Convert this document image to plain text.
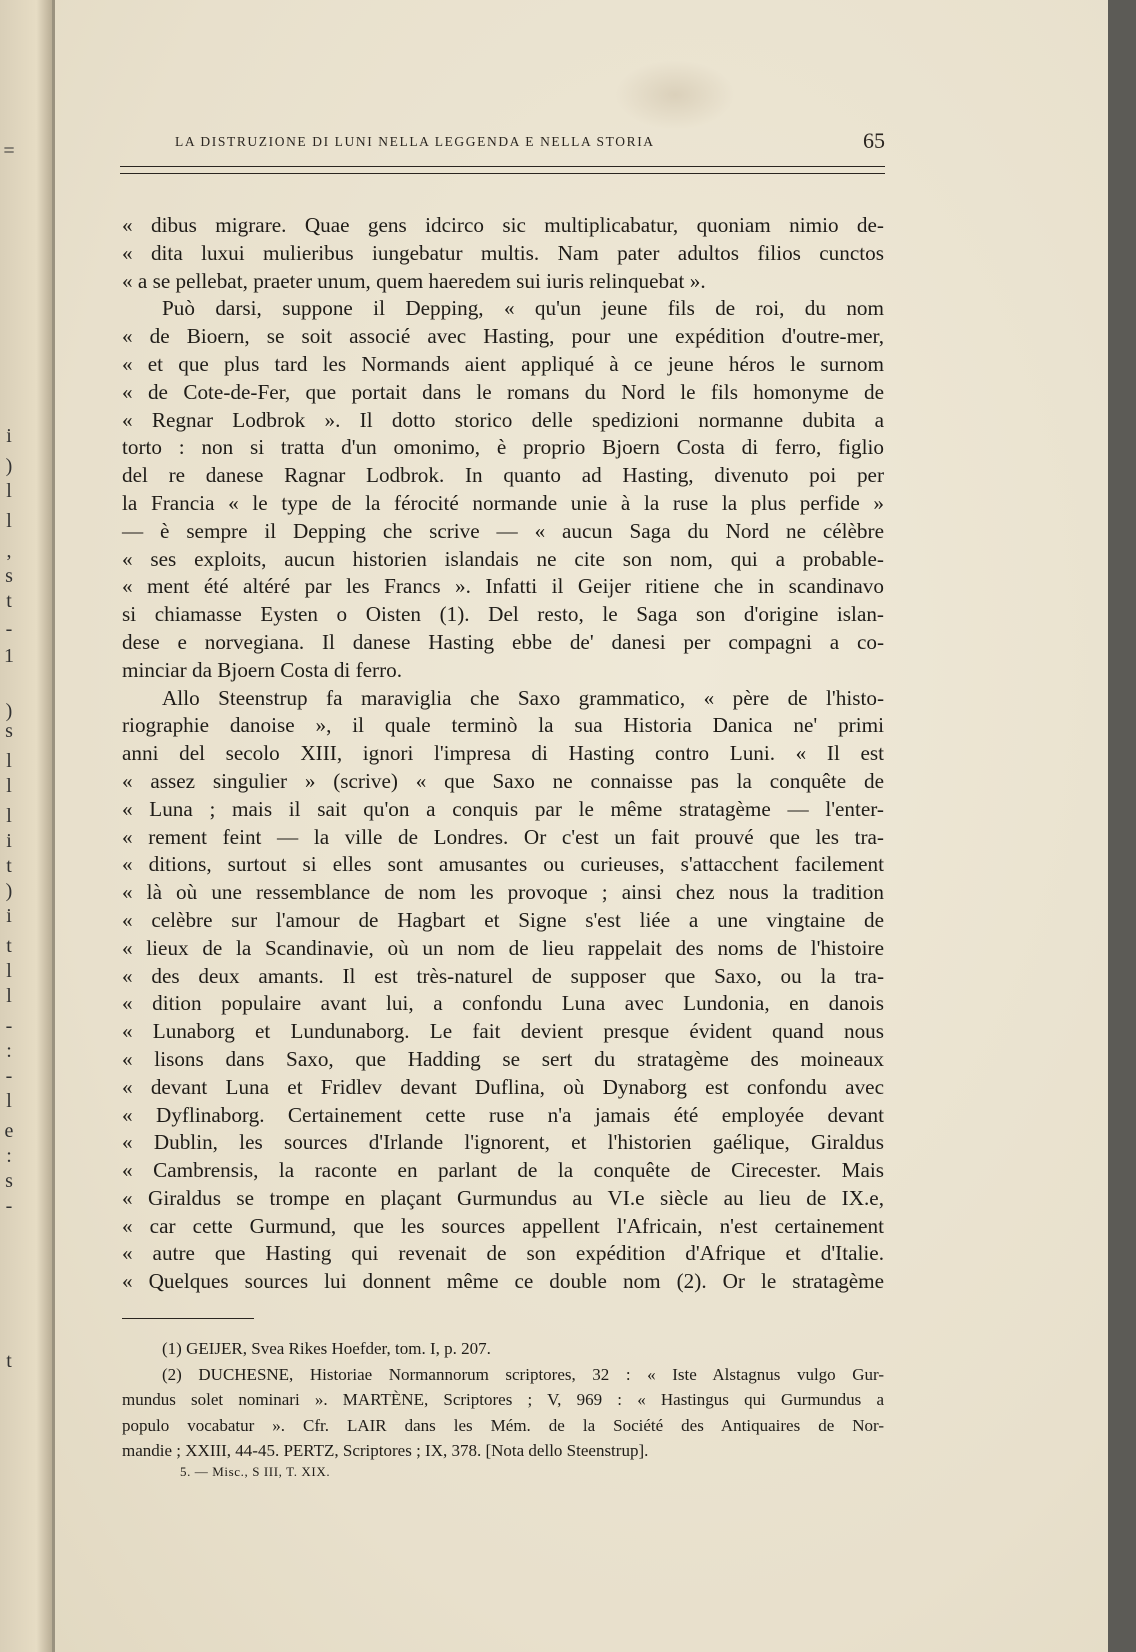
=
i
)
l
l
,
s
t
-
1
)
s
l
l
l
i
t
)
i
t
l
l
-
:
-
l
e
:
s
-
t
LA DISTRUZIONE DI LUNI NELLA LEGGENDA E NELLA STORIA	65
« dibus migrare. Quae gens idcirco sic multiplicabatur, quoniam nimio de-
« dita luxui mulieribus iungebatur multis. Nam pater adultos filios cunctos
« a se pellebat, praeter unum, quem haeredem sui iuris relinquebat ».
Può darsi, suppone il Depping, « qu'un jeune fils de roi, du nom
« de Bioern, se soit associé avec Hasting, pour une expédition d'outre-mer,
« et que plus tard les Normands aient appliqué à ce jeune héros le surnom
« de Cote-de-Fer, que portait dans le romans du Nord le fils homonyme de
« Regnar Lodbrok ». Il dotto storico delle spedizioni normanne dubita a
torto : non si tratta d'un omonimo, è proprio Bjoern Costa di ferro, figlio
del re danese Ragnar Lodbrok. In quanto ad Hasting, divenuto poi per
la Francia « le type de la férocité normande unie à la ruse la plus perfide »
— è sempre il Depping che scrive — « aucun Saga du Nord ne célèbre
« ses exploits, aucun historien islandais ne cite son nom, qui a probable-
« ment été altéré par les Francs ». Infatti il Geijer ritiene che in scandinavo
si chiamasse Eysten o Oisten (1). Del resto, le Saga son d'origine islan-
dese e norvegiana. Il danese Hasting ebbe de' danesi per compagni a co-
minciar da Bjoern Costa di ferro.
Allo Steenstrup fa maraviglia che Saxo grammatico, « père de l'histo-
riographie danoise », il quale terminò la sua Historia Danica ne' primi
anni del secolo XIII, ignori l'impresa di Hasting contro Luni. « Il est
« assez singulier » (scrive) « que Saxo ne connaisse pas la conquête de
« Luna ; mais il sait qu'on a conquis par le même stratagème — l'enter-
« rement feint — la ville de Londres. Or c'est un fait prouvé que les tra-
« ditions, surtout si elles sont amusantes ou curieuses, s'attacchent facilement
« là où une ressemblance de nom les provoque ; ainsi chez nous la tradition
« celèbre sur l'amour de Hagbart et Signe s'est liée a une vingtaine de
« lieux de la Scandinavie, où un nom de lieu rappelait des noms de l'histoire
« des deux amants. Il est très-naturel de supposer que Saxo, ou la tra-
« dition populaire avant lui, a confondu Luna avec Lundonia, en danois
« Lunaborg et Lundunaborg. Le fait devient presque évident quand nous
« lisons dans Saxo, que Hadding se sert du stratagème des moineaux
« devant Luna et Fridlev devant Duflina, où Dynaborg est confondu avec
« Dyflinaborg. Certainement cette ruse n'a jamais été employée devant
« Dublin, les sources d'Irlande l'ignorent, et l'historien gaélique, Giraldus
« Cambrensis, la raconte en parlant de la conquête de Cirecester. Mais
« Giraldus se trompe en plaçant Gurmundus au VI.e siècle au lieu de IX.e,
« car cette Gurmund, que les sources appellent l'Africain, n'est certainement
« autre que Hasting qui revenait de son expédition d'Afrique et d'Italie.
« Quelques sources lui donnent même ce double nom (2). Or le stratagème
(1) GEIJER, Svea Rikes Hoefder, tom. I, p. 207.
(2) DUCHESNE, Historiae Normannorum scriptores, 32 : « Iste Alstagnus vulgo Gur-
mundus solet nominari ». MARTÈNE, Scriptores ; V, 969 : « Hastingus qui Gurmundus a
populo vocabatur ». Cfr. LAIR dans les Mém. de la Société des Antiquaires de Nor-
mandie ; XXIII, 44-45. PERTZ, Scriptores ; IX, 378. [Nota dello Steenstrup].
5. — Misc., S III, T. XIX.
